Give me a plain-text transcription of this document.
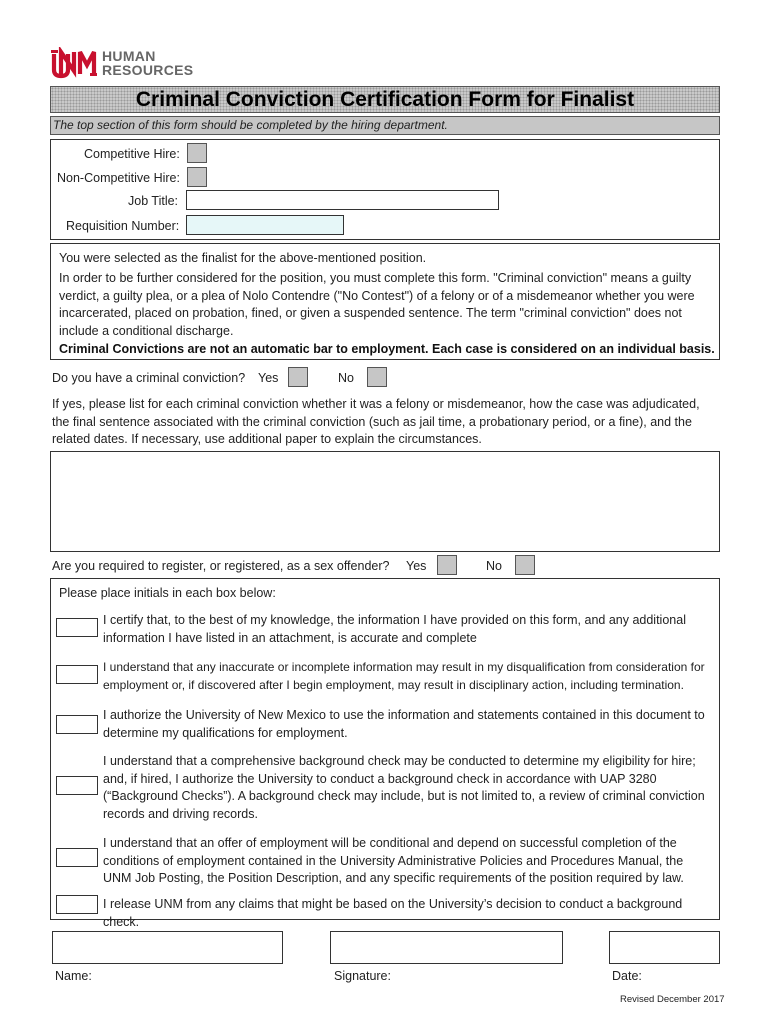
HUMAN
RESOURCES
Criminal Conviction Certification Form for Finalist
The top section of this form should be completed by the hiring department.
Competitive Hire:
Non-Competitive Hire:
Job Title:
Requisition Number:
You were selected as the finalist for the above-mentioned position.
In order to be further considered for the position, you must complete this form. "Criminal conviction" means a guilty verdict, a guilty plea, or a plea of Nolo Contendre ("No Contest") of a felony or of a misdemeanor whether you were incarcerated, placed on probation, fined, or given a suspended sentence. The term "criminal conviction" does not include a conditional discharge.
Criminal Convictions are not an automatic bar to employment. Each case is considered on an individual basis.
Do you have a criminal conviction? Yes	No
If yes, please list for each criminal conviction whether it was a felony or misdemeanor, how the case was adjudicated, the final sentence associated with the criminal conviction (such as jail time, a probationary period, or a fine), and the related dates. If necessary, use additional paper to explain the circumstances.
Are you required to register, or registered, as a sex offender? Yes	No
Please place initials in each box below:
I certify that, to the best of my knowledge, the information I have provided on this form, and any additional information I have listed in an attachment, is accurate and complete
I understand that any inaccurate or incomplete information may result in my disqualification from consideration for employment or, if discovered after I begin employment, may result in disciplinary action, including termination.
I authorize the University of New Mexico to use the information and statements contained in this document to determine my qualifications for employment.
I understand that a comprehensive background check may be conducted to determine my eligibility for hire; and, if hired, I authorize the University to conduct a background check in accordance with UAP 3280 (“Background Checks”). A background check may include, but is not limited to, a review of criminal conviction records and driving records.
I understand that an offer of employment will be conditional and depend on successful completion of the conditions of employment contained in the University Administrative Policies and Procedures Manual, the UNM Job Posting, the Position Description, and any specific requirements of the position required by law.
I release UNM from any claims that might be based on the University’s decision to conduct a background check.
Name:	Signature:	Date:
Revised December 2017
